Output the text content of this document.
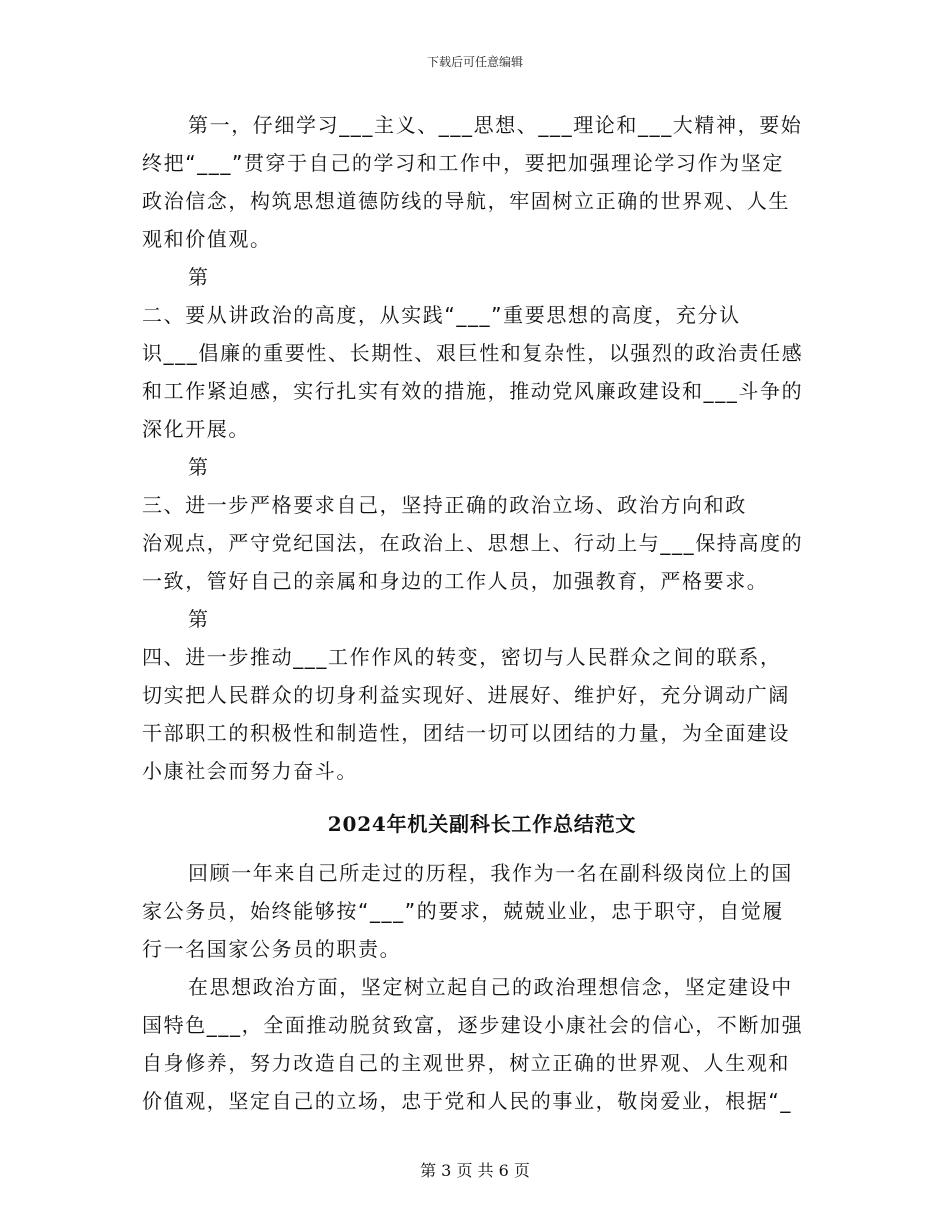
下载后可任意编辑
第一，仔细学习___主义、___思想、___理论和___大精神，要始
终把“___”贯穿于自己的学习和工作中，要把加强理论学习作为坚定
政治信念，构筑思想道德防线的导航，牢固树立正确的世界观、人生
观和价值观。
第
二、要从讲政治的高度，从实践“___”重要思想的高度，充分认
识___倡廉的重要性、长期性、艰巨性和复杂性，以强烈的政治责任感
和工作紧迫感，实行扎实有效的措施，推动党风廉政建设和___斗争的
深化开展。
第
三、进一步严格要求自己，坚持正确的政治立场、政治方向和政
治观点，严守党纪国法，在政治上、思想上、行动上与___保持高度的
一致，管好自己的亲属和身边的工作人员，加强教育，严格要求。
第
四、进一步推动___工作作风的转变，密切与人民群众之间的联系，
切实把人民群众的切身利益实现好、进展好、维护好，充分调动广阔
干部职工的积极性和制造性，团结一切可以团结的力量，为全面建设
小康社会而努力奋斗。
2024年机关副科长工作总结范文
回顾一年来自己所走过的历程，我作为一名在副科级岗位上的国
家公务员，始终能够按“___”的要求，兢兢业业，忠于职守，自觉履
行一名国家公务员的职责。
在思想政治方面，坚定树立起自己的政治理想信念，坚定建设中
国特色___，全面推动脱贫致富，逐步建设小康社会的信心，不断加强
自身修养，努力改造自己的主观世界，树立正确的世界观、人生观和
价值观，坚定自己的立场，忠于党和人民的事业，敬岗爱业，根据“_
第 3 页 共 6 页
